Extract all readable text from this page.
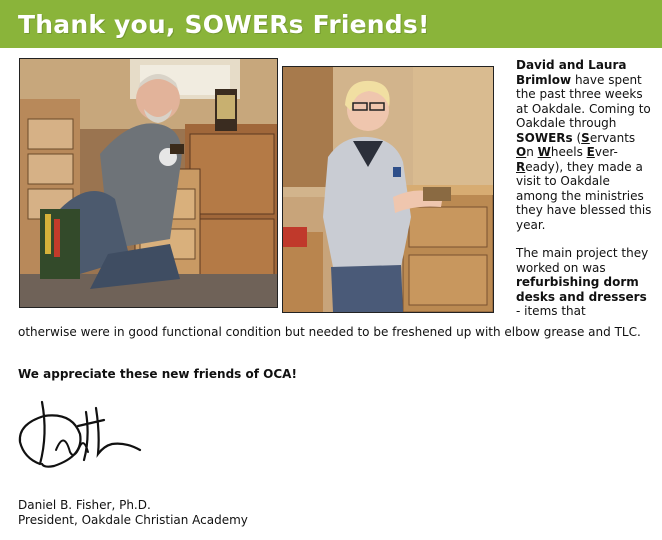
Thank you, SOWERs Friends!

David and Laura Brimlow have spent the past three weeks at Oakdale. Coming to Oakdale through SOWERs (Servants On Wheels Ever-Ready), they made a visit to Oakdale among the ministries they have blessed this year.

The main project they worked on was refurbishing dorm desks and dressers - items that

otherwise were in good functional condition but needed to be freshened up with elbow grease and TLC.

We appreciate these new friends of OCA!
Daniel B. Fisher, Ph.D.
President, Oakdale Christian Academy
